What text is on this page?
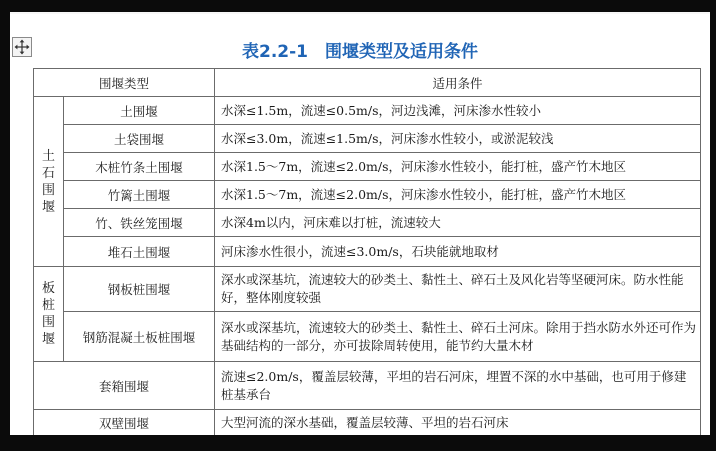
表2.2-1　围堰类型及适用条件
围堰类型		适用条件
土石围堰	土围堰	水深≤1.5m，流速≤0.5m/s，河边浅滩，河床渗水性较小
	土袋围堰	水深≤3.0m，流速≤1.5m/s，河床渗水性较小，或淤泥较浅
	木桩竹条土围堰	水深1.5～7m，流速≤2.0m/s，河床渗水性较小，能打桩，盛产竹木地区
	竹篱土围堰	水深1.5～7m，流速≤2.0m/s，河床渗水性较小，能打桩，盛产竹木地区
	竹、铁丝笼围堰	水深4m以内，河床难以打桩，流速较大
	堆石土围堰	河床渗水性很小，流速≤3.0m/s，石块能就地取材
板桩围堰	钢板桩围堰	深水或深基坑，流速较大的砂类土、黏性土、碎石土及风化岩等坚硬河床。防水性能好，整体刚度较强
	钢筋混凝土板桩围堰	深水或深基坑，流速较大的砂类土、黏性土、碎石土河床。除用于挡水防水外还可作为基础结构的一部分，亦可拔除周转使用，能节约大量木材
套箱围堰		流速≤2.0m/s，覆盖层较薄，平坦的岩石河床，埋置不深的水中基础，也可用于修建桩基承台
双壁围堰		大型河流的深水基础，覆盖层较薄、平坦的岩石河床
